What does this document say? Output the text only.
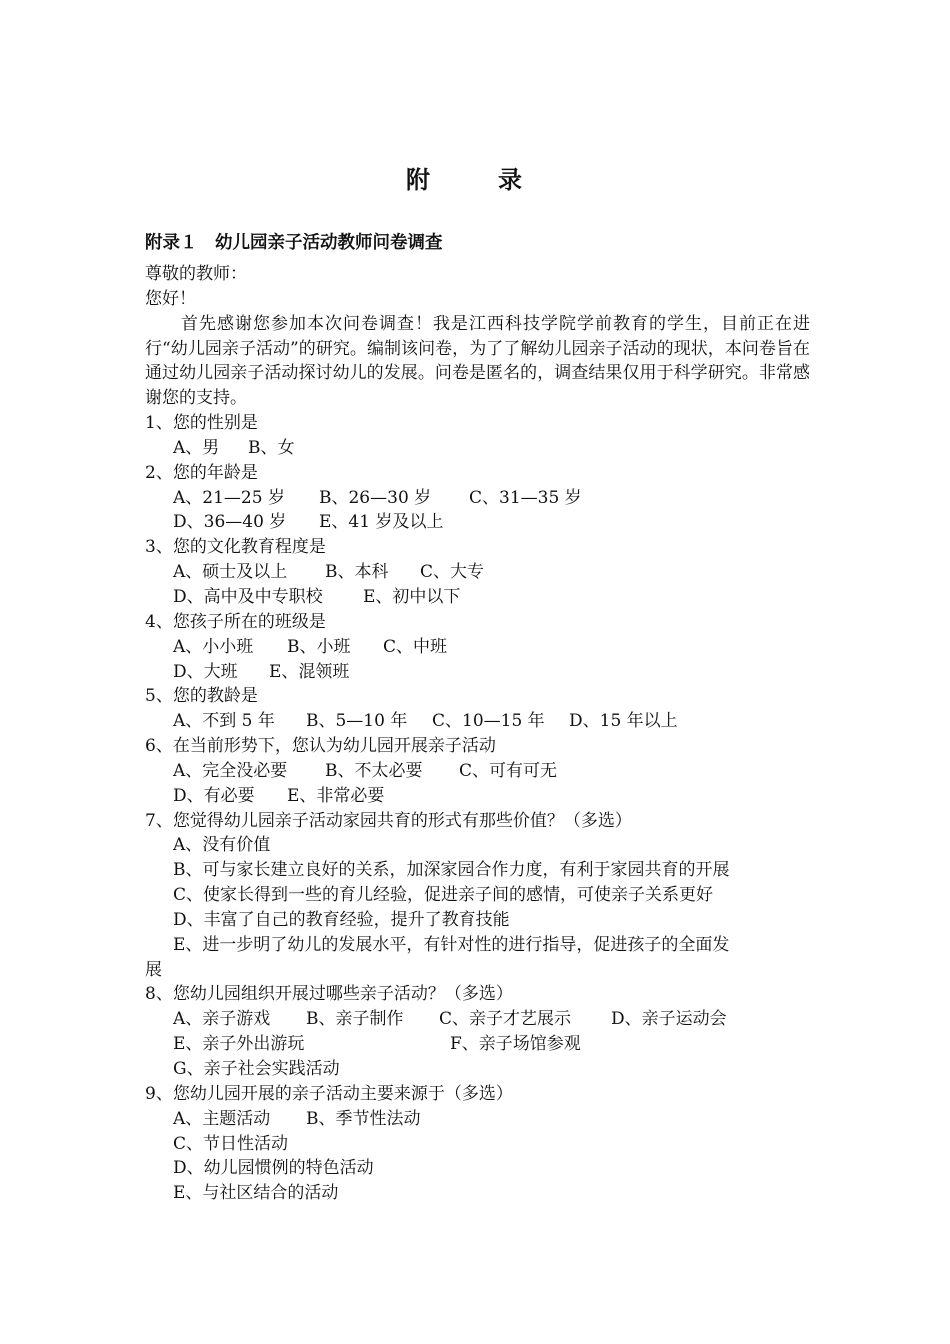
附　录
附录１　幼儿园亲子活动教师问卷调查
尊敬的教师：
您好！
首先感谢您参加本次问卷调查！我是江西科技学院学前教育的学生，目前正在进行“幼儿园亲子活动”的研究。编制该问卷，为了了解幼儿园亲子活动的现状，本问卷旨在通过幼儿园亲子活动探讨幼儿的发展。问卷是匿名的，调查结果仅用于科学研究。非常感谢您的支持。
1、您的性别是
A、男 B、女
2、您的年龄是
A、21—25 岁 B、26—30 岁 C、31—35 岁
D、36—40 岁 E、41 岁及以上
3、您的文化教育程度是
A、硕士及以上 B、本科 C、大专
D、高中及中专职校 E、初中以下
4、您孩子所在的班级是
A、小小班 B、小班 C、中班
D、大班 E、混领班
5、您的教龄是
A、不到 5 年 B、5—10 年 C、10—15 年 D、15 年以上
6、在当前形势下，您认为幼儿园开展亲子活动
A、完全没必要 B、不太必要 C、可有可无
D、有必要 E、非常必要
7、您觉得幼儿园亲子活动家园共育的形式有那些价值？（多选）
A、没有价值
B、可与家长建立良好的关系，加深家园合作力度，有利于家园共育的开展
C、使家长得到一些的育儿经验，促进亲子间的感情，可使亲子关系更好
D、丰富了自己的教育经验，提升了教育技能
E、进一步明了幼儿的发展水平，有针对性的进行指导，促进孩子的全面发
展
8、您幼儿园组织开展过哪些亲子活动？（多选）
A、亲子游戏 B、亲子制作 C、亲子才艺展示 D、亲子运动会
E、亲子外出游玩	F、亲子场馆参观
G、亲子社会实践活动
9、您幼儿园开展的亲子活动主要来源于（多选）
A、主题活动 B、季节性法动
C、节日性活动
D、幼儿园惯例的特色活动
E、与社区结合的活动
